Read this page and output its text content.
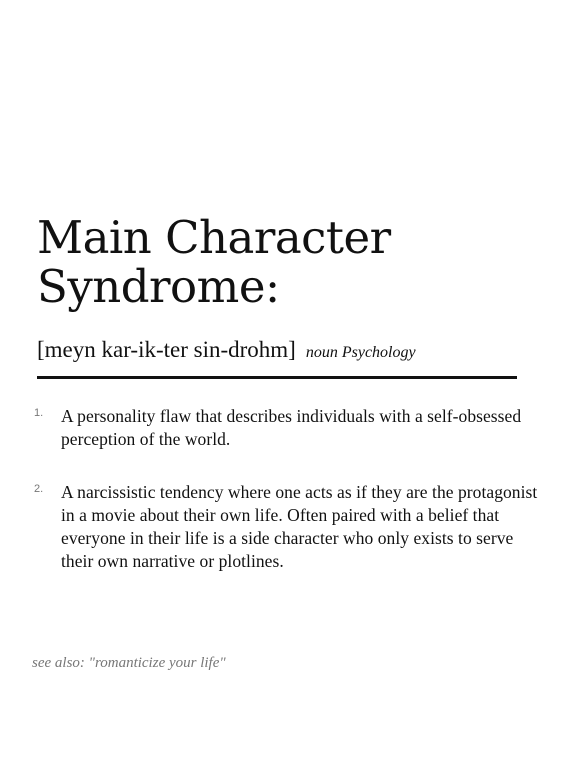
Main Character
Syndrome:
[meyn kar-ik-ter sin-drohm] noun Psychology
1.	A personality flaw that describes individuals with a self-obsessed perception of the world.

2.	A narcissistic tendency where one acts as if they are the protagonist in a movie about their own life. Often paired with a belief that everyone in their life is a side character who only exists to serve their own narrative or plotlines.

see also: "romanticize your life"
